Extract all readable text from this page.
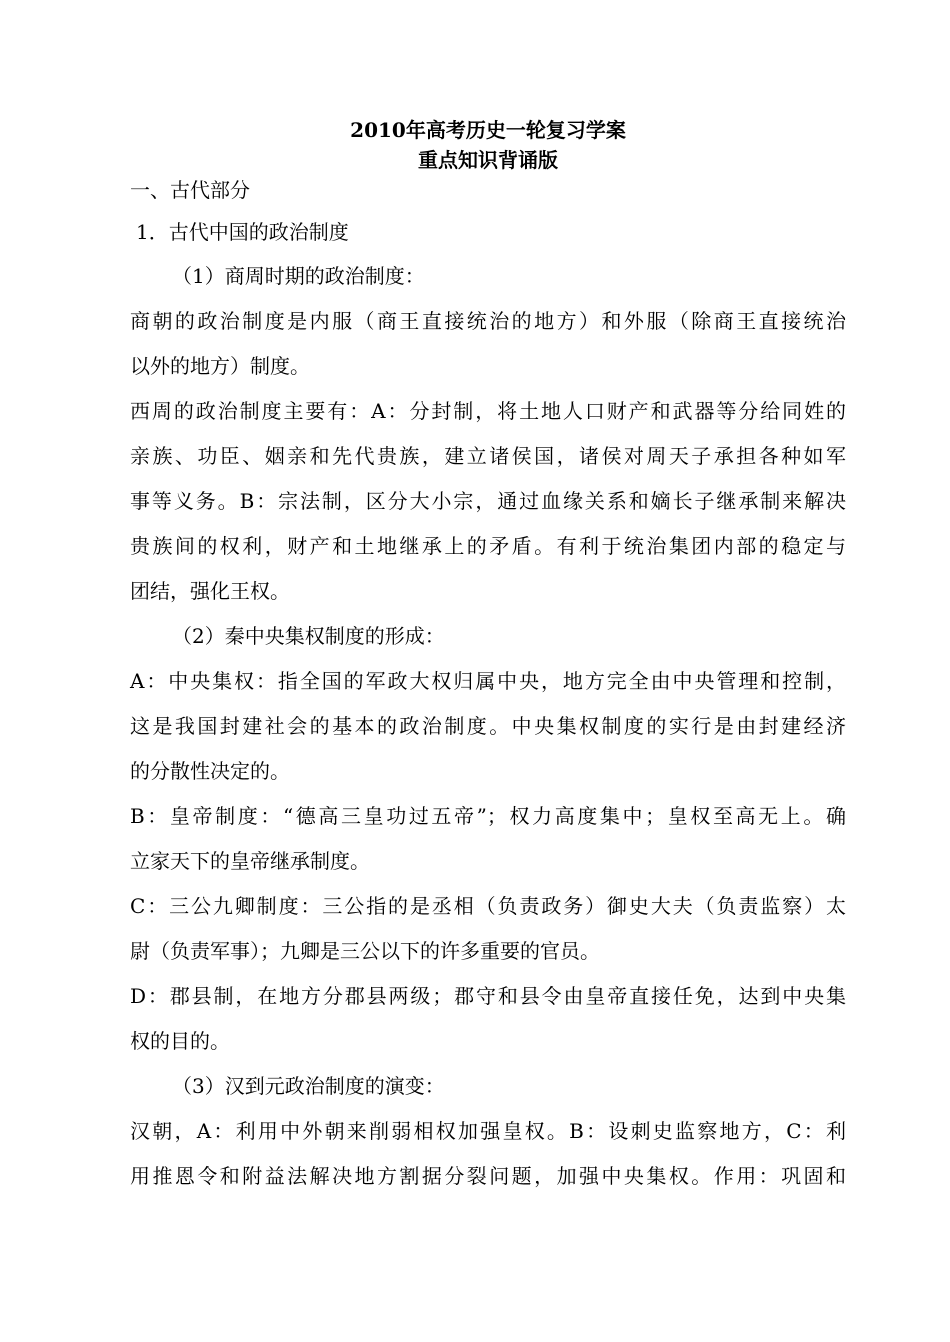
2010年高考历史一轮复习学案
重点知识背诵版
一、古代部分
1．古代中国的政治制度
（1）商周时期的政治制度：
商朝的政治制度是内服（商王直接统治的地方）和外服（除商王直接统治
以外的地方）制度。
西周的政治制度主要有：A：分封制，将土地人口财产和武器等分给同姓的
亲族、功臣、姻亲和先代贵族，建立诸侯国，诸侯对周天子承担各种如军
事等义务。B：宗法制，区分大小宗，通过血缘关系和嫡长子继承制来解决
贵族间的权利，财产和土地继承上的矛盾。有利于统治集团内部的稳定与
团结，强化王权。
（2）秦中央集权制度的形成：
A：中央集权：指全国的军政大权归属中央，地方完全由中央管理和控制，
这是我国封建社会的基本的政治制度。中央集权制度的实行是由封建经济
的分散性决定的。
B：皇帝制度：“德高三皇功过五帝”；权力高度集中；皇权至高无上。确
立家天下的皇帝继承制度。
C：三公九卿制度：三公指的是丞相（负责政务）御史大夫（负责监察）太
尉（负责军事）；九卿是三公以下的许多重要的官员。
D：郡县制，在地方分郡县两级；郡守和县令由皇帝直接任免，达到中央集
权的目的。
（3）汉到元政治制度的演变：
汉朝，A：利用中外朝来削弱相权加强皇权。B：设刺史监察地方，C：利
用推恩令和附益法解决地方割据分裂问题，加强中央集权。作用：巩固和
